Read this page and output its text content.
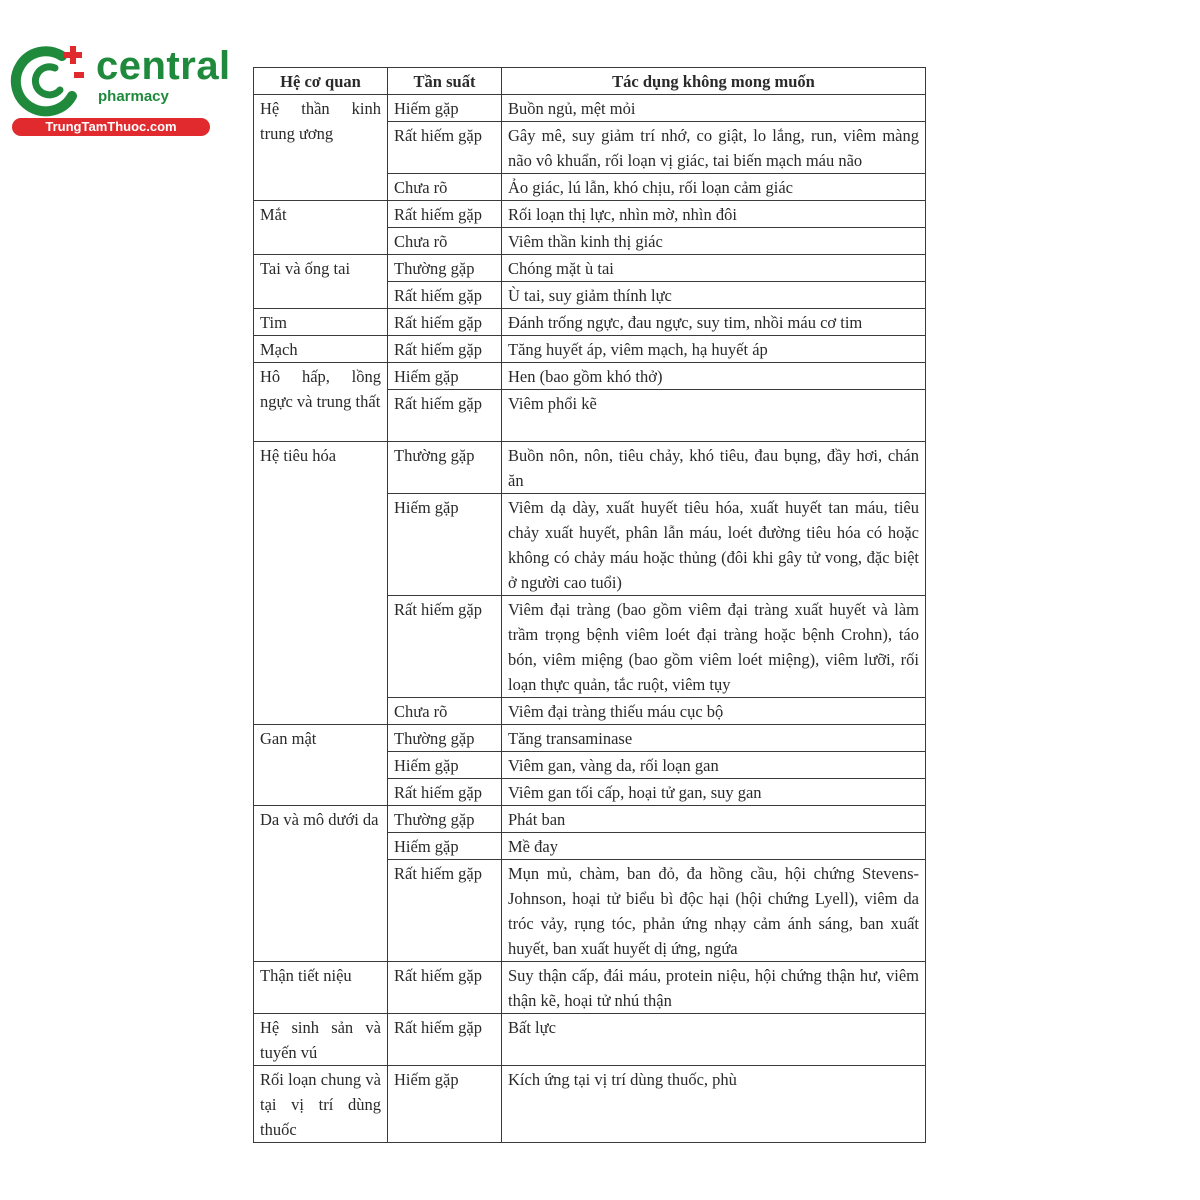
central
pharmacy
TrungTamThuoc.com
Hệ cơ quan	Tần suất	Tác dụng không mong muốn
Hệ thần kinh trung ương	Hiếm gặp	Buồn ngủ, mệt mỏi
	Rất hiếm gặp	Gây mê, suy giảm trí nhớ, co giật, lo lắng, run, viêm màng não vô khuẩn, rối loạn vị giác, tai biến mạch máu não
	Chưa rõ	Ảo giác, lú lẫn, khó chịu, rối loạn cảm giác
Mắt	Rất hiếm gặp	Rối loạn thị lực, nhìn mờ, nhìn đôi
	Chưa rõ	Viêm thần kinh thị giác
Tai và ống tai	Thường gặp	Chóng mặt ù tai
	Rất hiếm gặp	Ù tai, suy giảm thính lực
Tim	Rất hiếm gặp	Đánh trống ngực, đau ngực, suy tim, nhồi máu cơ tim
Mạch	Rất hiếm gặp	Tăng huyết áp, viêm mạch, hạ huyết áp
Hô hấp, lồng ngực và trung thất	Hiếm gặp	Hen (bao gồm khó thở)
	Rất hiếm gặp	Viêm phổi kẽ
Hệ tiêu hóa	Thường gặp	Buồn nôn, nôn, tiêu chảy, khó tiêu, đau bụng, đầy hơi, chán ăn
	Hiếm gặp	Viêm dạ dày, xuất huyết tiêu hóa, xuất huyết tan máu, tiêu chảy xuất huyết, phân lẫn máu, loét đường tiêu hóa có hoặc không có chảy máu hoặc thủng (đôi khi gây tử vong, đặc biệt ở người cao tuổi)
	Rất hiếm gặp	Viêm đại tràng (bao gồm viêm đại tràng xuất huyết và làm trầm trọng bệnh viêm loét đại tràng hoặc bệnh Crohn), táo bón, viêm miệng (bao gồm viêm loét miệng), viêm lưỡi, rối loạn thực quản, tắc ruột, viêm tụy
	Chưa rõ	Viêm đại tràng thiếu máu cục bộ
Gan mật	Thường gặp	Tăng transaminase
	Hiếm gặp	Viêm gan, vàng da, rối loạn gan
	Rất hiếm gặp	Viêm gan tối cấp, hoại tử gan, suy gan
Da và mô dưới da	Thường gặp	Phát ban
	Hiếm gặp	Mề đay
	Rất hiếm gặp	Mụn mủ, chàm, ban đỏ, đa hồng cầu, hội chứng Stevens-Johnson, hoại tử biểu bì độc hại (hội chứng Lyell), viêm da tróc vảy, rụng tóc, phản ứng nhạy cảm ánh sáng, ban xuất huyết, ban xuất huyết dị ứng, ngứa
Thận tiết niệu	Rất hiếm gặp	Suy thận cấp, đái máu, protein niệu, hội chứng thận hư, viêm thận kẽ, hoại tử nhú thận
Hệ sinh sản và tuyến vú	Rất hiếm gặp	Bất lực
Rối loạn chung và tại vị trí dùng thuốc	Hiếm gặp	Kích ứng tại vị trí dùng thuốc, phù
